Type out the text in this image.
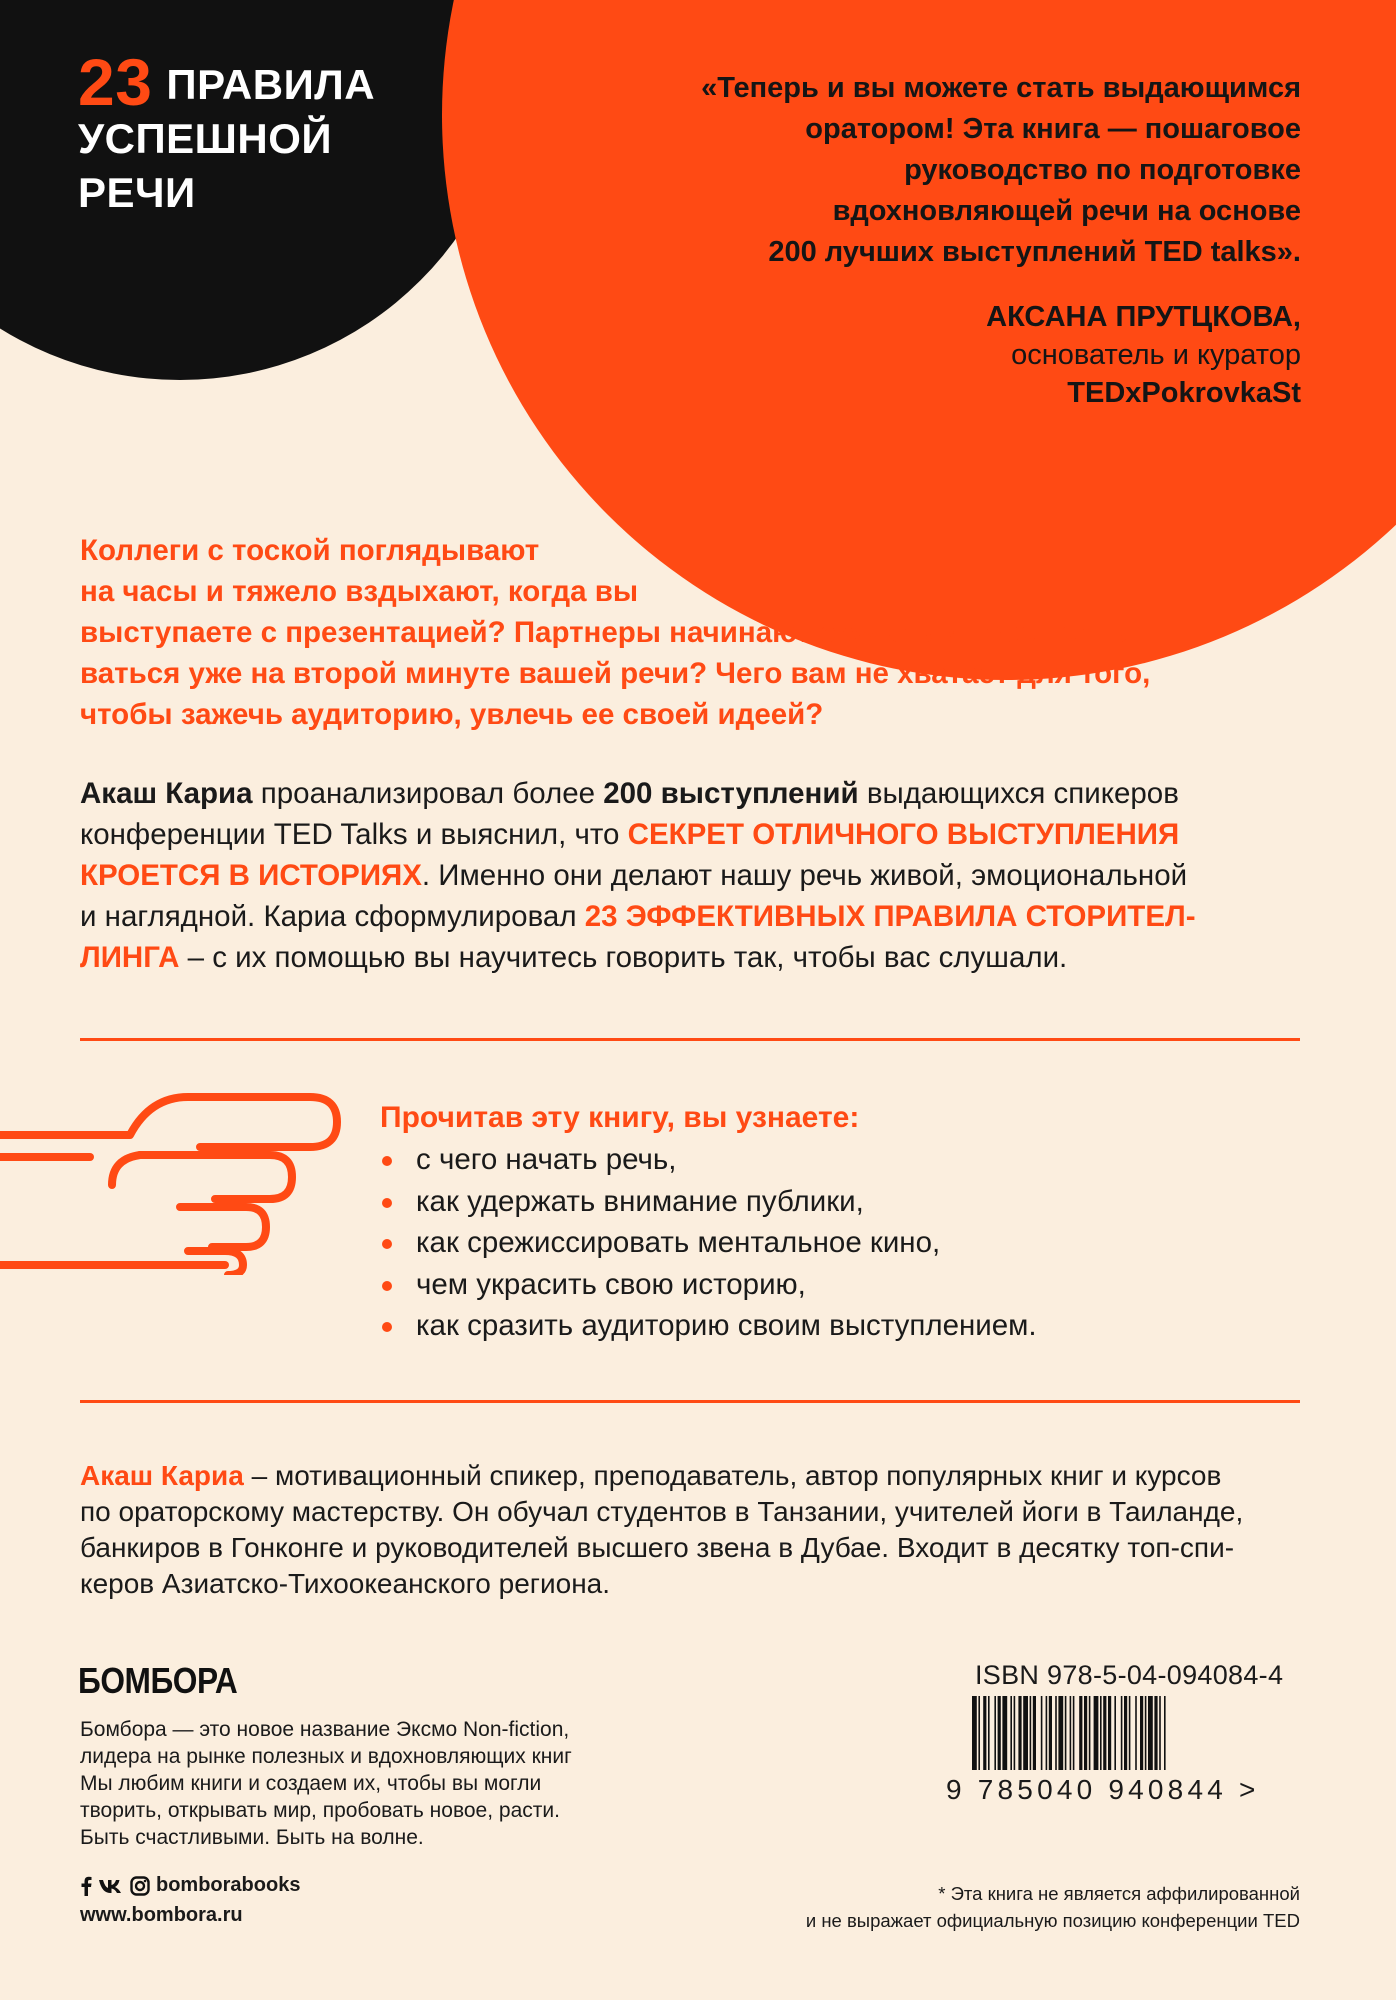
23 ПРАВИЛА
УСПЕШНОЙ
РЕЧИ
«Теперь и вы можете стать выдающимся
оратором! Эта книга — пошаговое
руководство по подготовке
вдохновляющей речи на основе
200 лучших выступлений TED talks».
АКСАНА ПРУТЦКОВА,
основатель и куратор
TEDxPokrovkaSt
Коллеги с тоской поглядывают
на часы и тяжело вздыхают, когда вы
выступаете с презентацией? Партнеры начинают скучать и перешепты-
ваться уже на второй минуте вашей речи? Чего вам не хватает для того,
чтобы зажечь аудиторию, увлечь ее своей идеей?
Акаш Кариа проанализировал более 200 выступлений выдающихся спикеров
конференции TED Talks и выяснил, что СЕКРЕТ ОТЛИЧНОГО ВЫСТУПЛЕНИЯ
КРОЕТСЯ В ИСТОРИЯХ. Именно они делают нашу речь живой, эмоциональной
и наглядной. Кариа сформулировал 23 ЭФФЕКТИВНЫХ ПРАВИЛА СТОРИТЕЛ-
ЛИНГА – с их помощью вы научитесь говорить так, чтобы вас слушали.
Прочитав эту книгу, вы узнаете:
с чего начать речь,
как удержать внимание публики,
как срежиссировать ментальное кино,
чем украсить свою историю,
как сразить аудиторию своим выступлением.
Акаш Кариа – мотивационный спикер, преподаватель, автор популярных книг и курсов
по ораторскому мастерству. Он обучал студентов в Танзании, учителей йоги в Таиланде,
банкиров в Гонконге и руководителей высшего звена в Дубае. Входит в десятку топ-спи-
керов Азиатско-Тихоокеанского региона.
БОМБОРА
Бомбора — это новое название Эксмо Non-fiction,
лидера на рынке полезных и вдохновляющих книг
Мы любим книги и создаем их, чтобы вы могли
творить, открывать мир, пробовать новое, расти.
Быть счастливыми. Быть на волне.
bomborabooks
www.bombora.ru
ISBN 978-5-04-094084-4
9 785040 940844 >
* Эта книга не является аффилированной
и не выражает официальную позицию конференции TED
